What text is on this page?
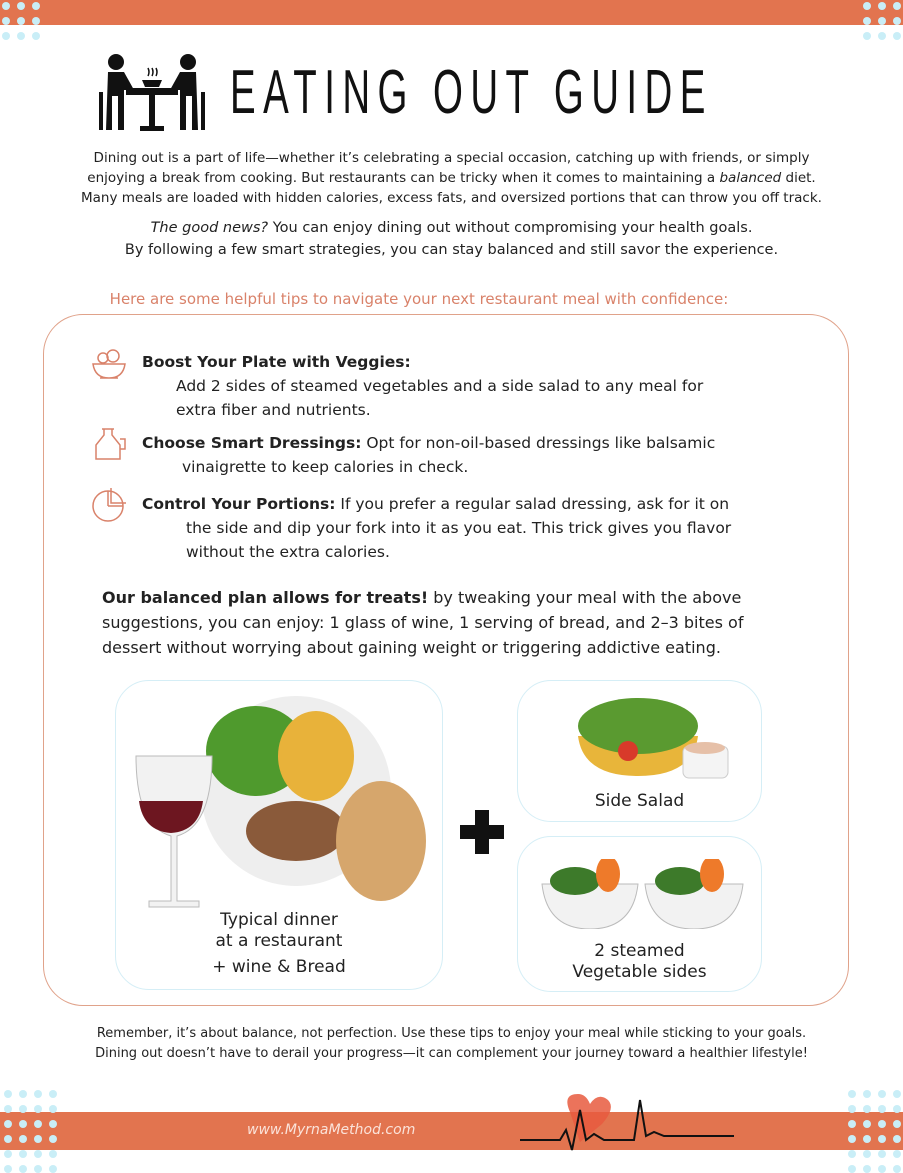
EATING OUT GUIDE
Dining out is a part of life—whether it’s celebrating a special occasion, catching up with friends, or simply
enjoying a break from cooking. But restaurants can be tricky when it comes to maintaining a balanced diet.
Many meals are loaded with hidden calories, excess fats, and oversized portions that can throw you off track.
The good news? You can enjoy dining out without compromising your health goals.
By following a few smart strategies, you can stay balanced and still savor the experience.
Here are some helpful tips to navigate your next restaurant meal with confidence:
Boost Your Plate with Veggies:
Add 2 sides of steamed vegetables and a side salad to any meal for
extra fiber and nutrients.
Choose Smart Dressings: Opt for non-oil-based dressings like balsamic
vinaigrette to keep calories in check.
Control Your Portions: If you prefer a regular salad dressing, ask for it on
the side and dip your fork into it as you eat. This trick gives you flavor
without the extra calories.
Our balanced plan allows for treats! by tweaking your meal with the above suggestions, you can enjoy: 1 glass of wine, 1 serving of bread, and 2–3 bites of dessert without worrying about gaining weight or triggering addictive eating.
Typical dinner
at a restaurant
+ wine & Bread
Side Salad
2 steamed
Vegetable sides
Remember, it’s about balance, not perfection. Use these tips to enjoy your meal while sticking to your goals.
Dining out doesn’t have to derail your progress—it can complement your journey toward a healthier lifestyle!
www.MyrnaMethod.com
